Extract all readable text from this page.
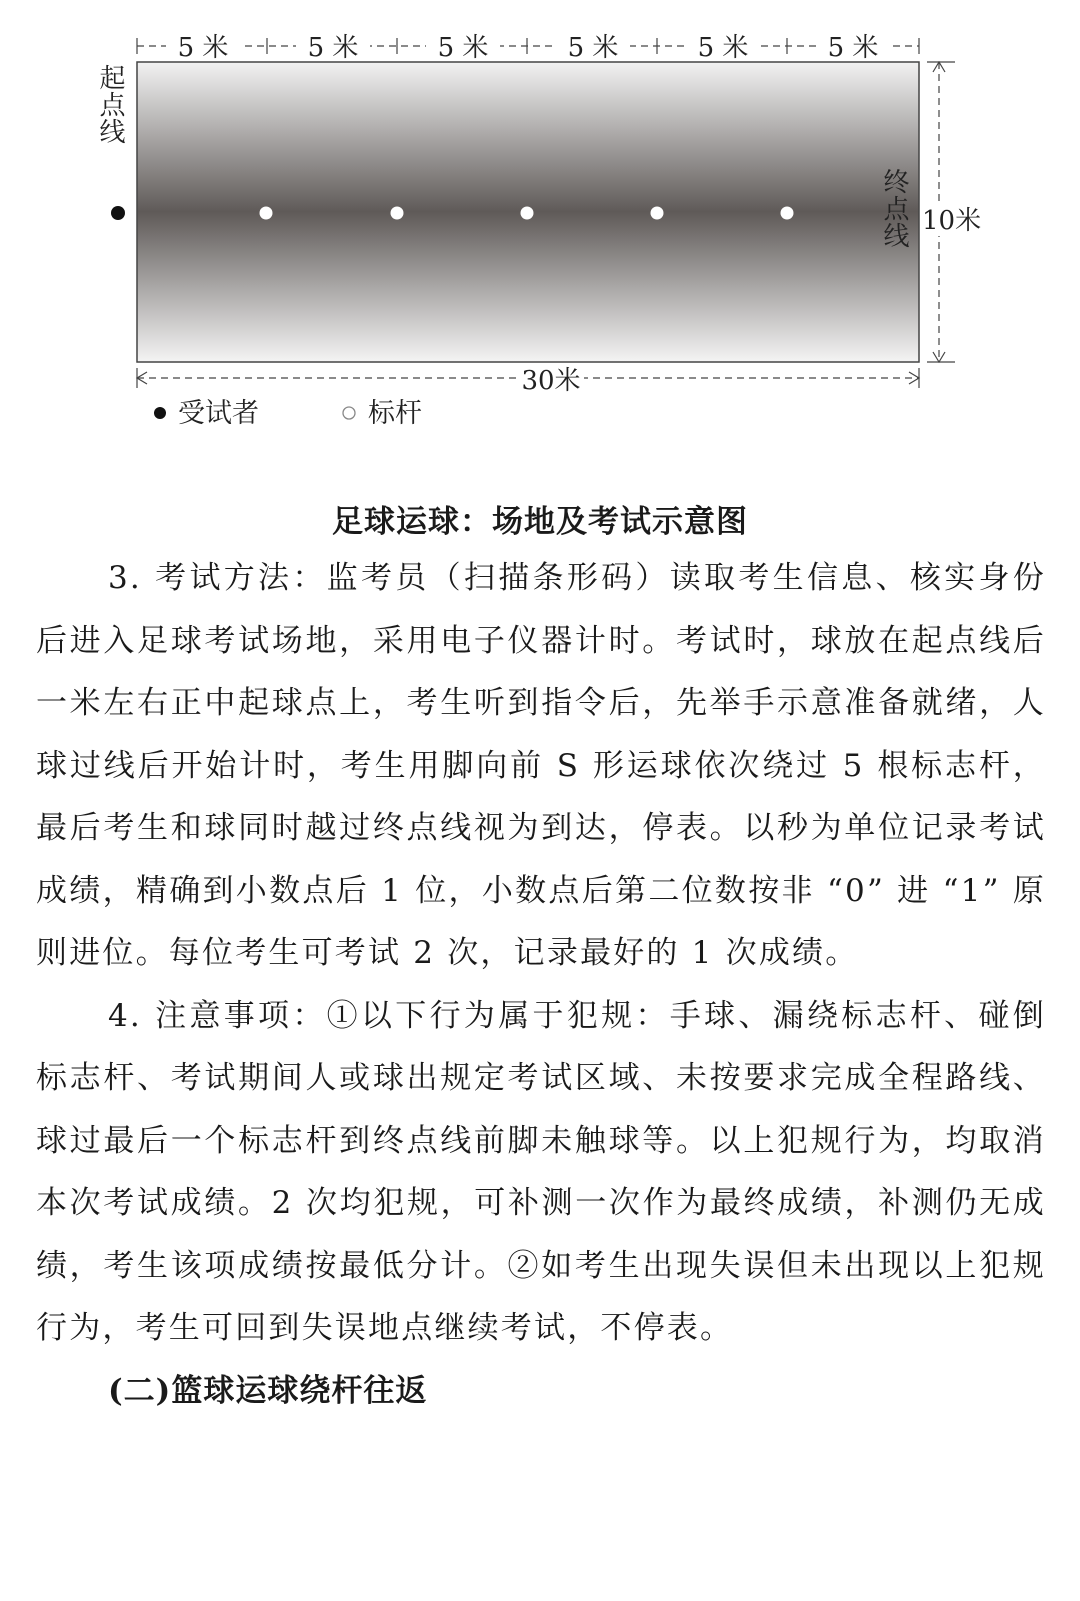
5 米	5 米	5 米	5 米	5 米	5 米
起点线
终点线 10米
30米
受试者	标杆
足球运球：场地及考试示意图

3. 考试方法：监考员（扫描条形码）读取考生信息、核实身份后进入足球考试场地，采用电子仪器计时。考试时，球放在起点线后一米左右正中起球点上，考生听到指令后，先举手示意准备就绪，人球过线后开始计时，考生用脚向前 S 形运球依次绕过 5 根标志杆，最后考生和球同时越过终点线视为到达，停表。以秒为单位记录考试成绩，精确到小数点后 1 位，小数点后第二位数按非 “0” 进 “1” 原则进位。每位考生可考试 2 次，记录最好的 1 次成绩。

4. 注意事项：①以下行为属于犯规：手球、漏绕标志杆、碰倒标志杆、考试期间人或球出规定考试区域、未按要求完成全程路线、球过最后一个标志杆到终点线前脚未触球等。以上犯规行为，均取消本次考试成绩。2 次均犯规，可补测一次作为最终成绩，补测仍无成绩，考生该项成绩按最低分计。②如考生出现失误但未出现以上犯规行为，考生可回到失误地点继续考试，不停表。

(二)篮球运球绕杆往返
